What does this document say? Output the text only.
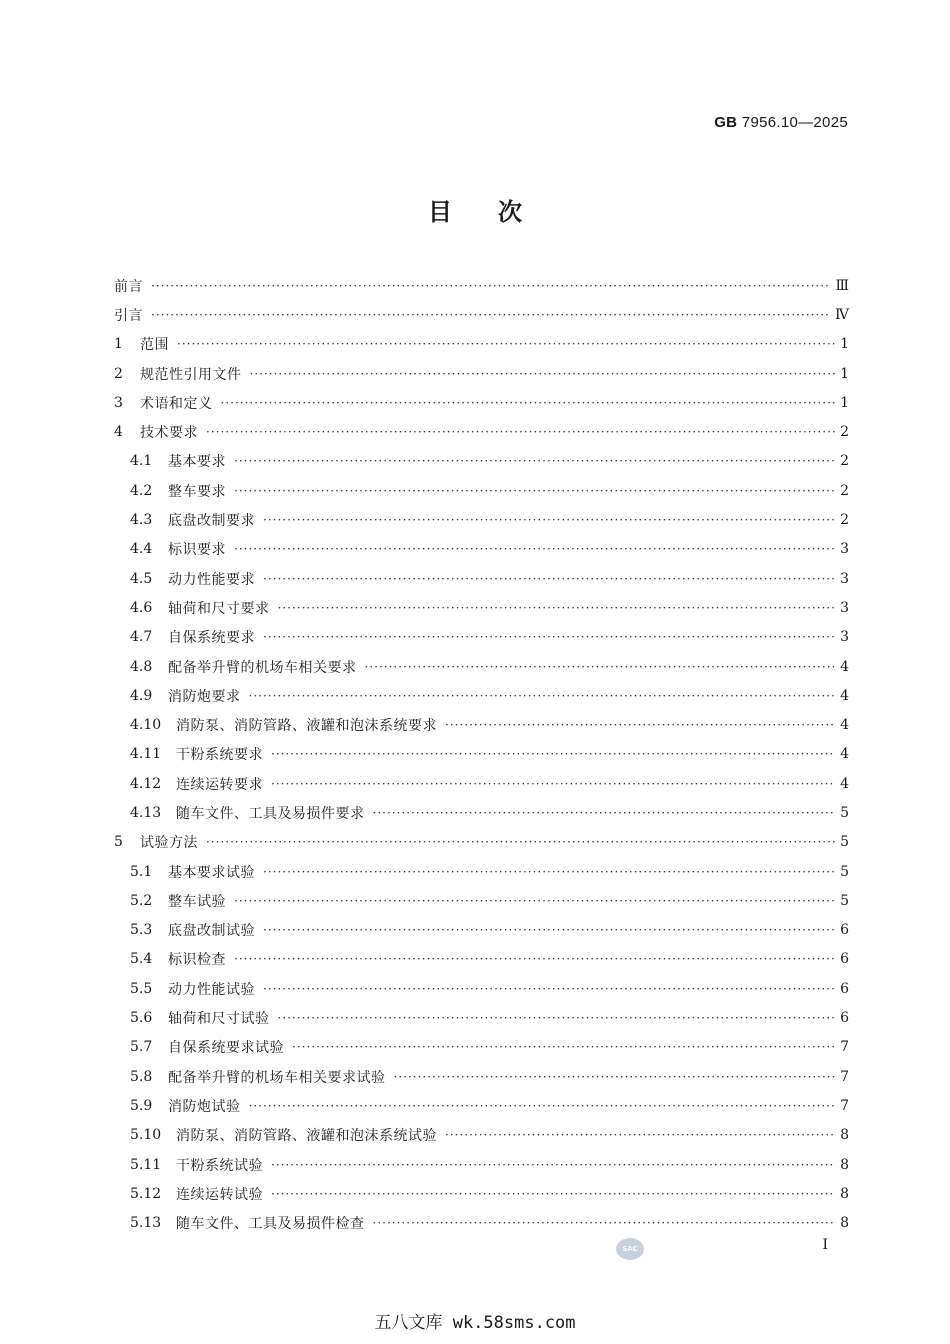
GB 7956.10—2025
目次
前言 ·····	Ⅲ
引言 ·····	Ⅳ
1	范围 ·····	1
2	规范性引用文件 ·····	1
3	术语和定义 ·····	1
4	技术要求 ·····	2
4.1	基本要求 ·····	2
4.2	整车要求 ·····	2
4.3	底盘改制要求 ·····	2
4.4	标识要求 ·····	3
4.5	动力性能要求 ·····	3
4.6	轴荷和尺寸要求 ·····	3
4.7	自保系统要求 ·····	3
4.8	配备举升臂的机场车相关要求 ·····	4
4.9	消防炮要求 ·····	4
4.10	消防泵、消防管路、液罐和泡沫系统要求 ·····	4
4.11	干粉系统要求 ·····	4
4.12	连续运转要求 ·····	4
4.13	随车文件、工具及易损件要求 ·····	5
5	试验方法 ·····	5
5.1	基本要求试验 ·····	5
5.2	整车试验 ·····	5
5.3	底盘改制试验 ·····	6
5.4	标识检查 ·····	6
5.5	动力性能试验 ·····	6
5.6	轴荷和尺寸试验 ·····	6
5.7	自保系统要求试验 ·····	7
5.8	配备举升臂的机场车相关要求试验 ·····	7
5.9	消防炮试验 ·····	7
5.10	消防泵、消防管路、液罐和泡沫系统试验 ·····	8
5.11	干粉系统试验 ·····	8
5.12	连续运转试验 ·····	8
5.13	随车文件、工具及易损件检查 ·····	8
SAC	I
五八文库 wk.58sms.com
